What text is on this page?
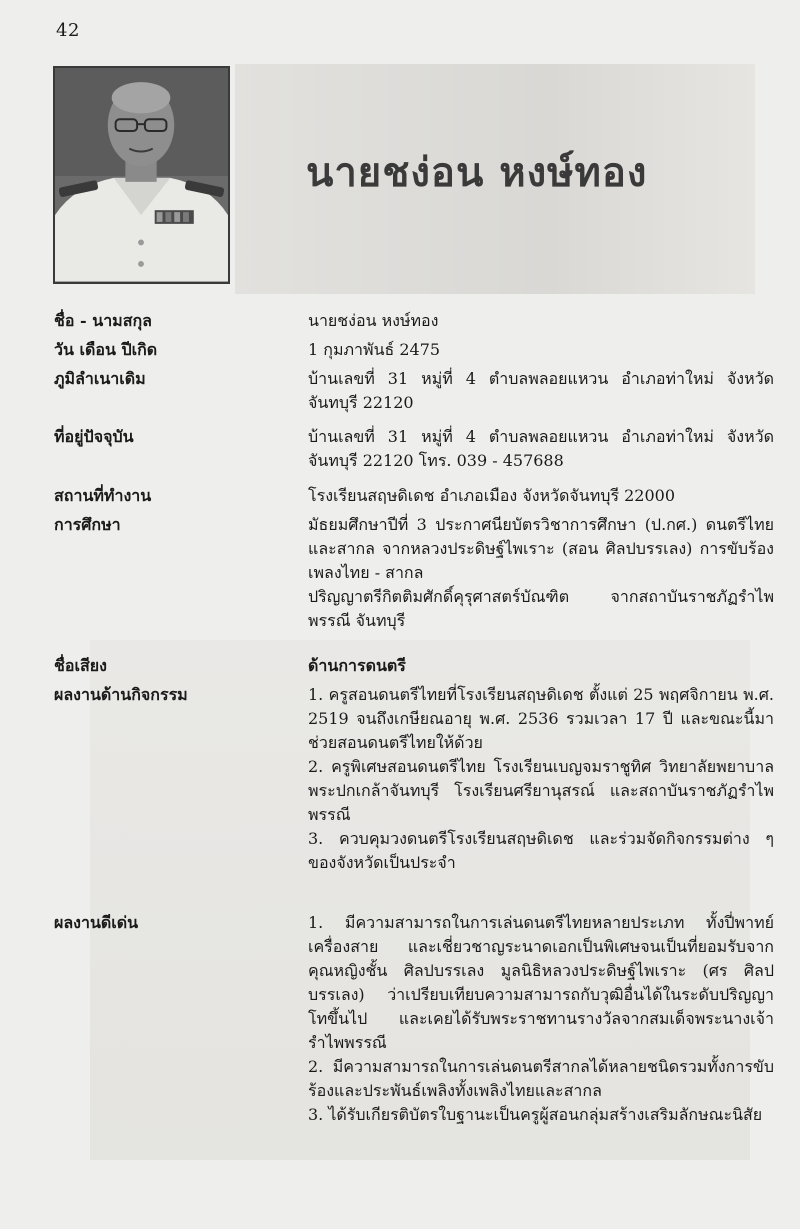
42
นายชง่อน หงษ์ทอง
ชื่อ - นามสกุล	นายชง่อน หงษ์ทอง
วัน เดือน ปีเกิด	1 กุมภาพันธ์ 2475
ภูมิลำเนาเดิม	บ้านเลขที่ 31 หมู่ที่ 4 ตำบลพลอยแหวน อำเภอท่าใหม่ จังหวัดจันทบุรี 22120
ที่อยู่ปัจจุบัน	บ้านเลขที่ 31 หมู่ที่ 4 ตำบลพลอยแหวน อำเภอท่าใหม่ จังหวัดจันทบุรี 22120 โทร. 039 - 457688
สถานที่ทำงาน	โรงเรียนสฤษดิเดช อำเภอเมือง จังหวัดจันทบุรี 22000
การศึกษา	มัธยมศึกษาปีที่ 3 ประกาศนียบัตรวิชาการศึกษา (ป.กศ.) ดนตรีไทยและสากล จากหลวงประดิษฐ์ไพเราะ (สอน ศิลปบรรเลง) การขับร้องเพลงไทย - สากล

ปริญญาตรีกิตติมศักดิ์คุรุศาสตร์บัณฑิต จากสถาบันราชภัฏรำไพพรรณี จันทบุรี

ชื่อเสียง	ด้านการดนตรี
ผลงานด้านกิจกรรม	1. ครูสอนดนตรีไทยที่โรงเรียนสฤษดิเดช ตั้งแต่ 25 พฤศจิกายน พ.ศ. 2519 จนถึงเกษียณอายุ พ.ศ. 2536 รวมเวลา 17 ปี และขณะนี้มาช่วยสอนดนตรีไทยให้ด้วย

2. ครูพิเศษสอนดนตรีไทย โรงเรียนเบญจมราชูทิศ วิทยาลัยพยาบาลพระปกเกล้าจันทบุรี โรงเรียนศรียานุสรณ์ และสถาบันราชภัฏรำไพพรรณี

3. ควบคุมวงดนตรีโรงเรียนสฤษดิเดช และร่วมจัดกิจกรรมต่าง ๆ ของจังหวัดเป็นประจำ

ผลงานดีเด่น	1. มีความสามารถในการเล่นดนตรีไทยหลายประเภท ทั้งปี่พาทย์เครื่องสาย และเชี่ยวชาญระนาดเอกเป็นพิเศษจนเป็นที่ยอมรับจากคุณหญิงชั้น ศิลปบรรเลง มูลนิธิหลวงประดิษฐ์ไพเราะ (ศร ศิลปบรรเลง) ว่าเปรียบเทียบความสามารถกับวุฒิอื่นได้ในระดับปริญญาโทขึ้นไป และเคยได้รับพระราชทานรางวัลจากสมเด็จพระนางเจ้ารำไพพรรณี

2. มีความสามารถในการเล่นดนตรีสากลได้หลายชนิดรวมทั้งการขับร้องและประพันธ์เพลิงทั้งเพลิงไทยและสากล

3. ได้รับเกียรติบัตรใบฐานะเป็นครูผู้สอนกลุ่มสร้างเสริมลักษณะนิสัย
